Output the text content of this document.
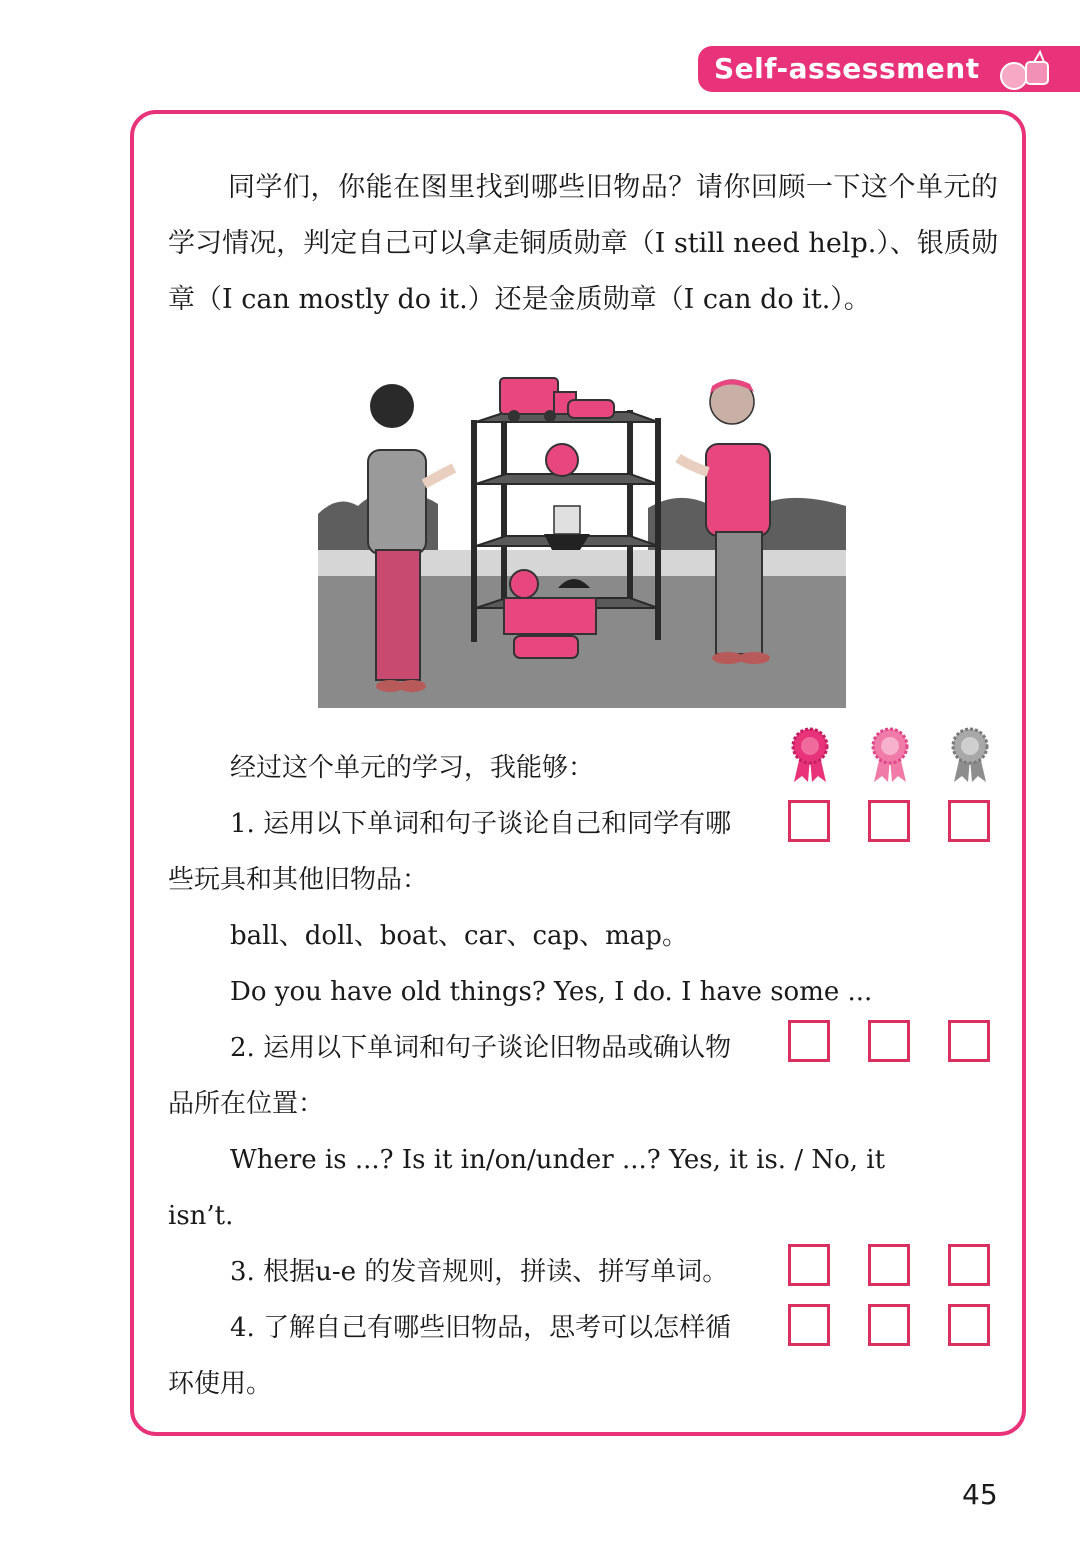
Self-assessment

同学们，你能在图里找到哪些旧物品？请你回顾一下这个单元的学习情况，判定自己可以拿走铜质勋章（I still need help.）、银质勋章（I can mostly do it.）还是金质勋章（I can do it.）。

经过这个单元的学习，我能够：
1. 运用以下单词和句子谈论自己和同学有哪
些玩具和其他旧物品：
ball、doll、boat、car、cap、map。
Do you have old things? Yes, I do. I have some ...
2. 运用以下单词和句子谈论旧物品或确认物
品所在位置：
Where is ...? Is it in/on/under ...? Yes, it is. / No, it
isn’t.
3. 根据u-e 的发音规则，拼读、拼写单词。
4. 了解自己有哪些旧物品，思考可以怎样循
环使用。
45
